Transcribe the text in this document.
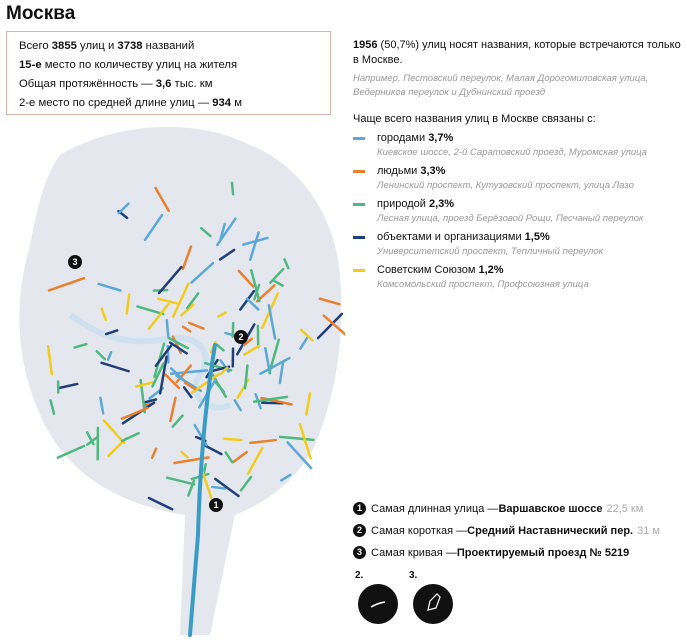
Москва
Всего 3855 улиц и 3738 названий
15-е место по количеству улиц на жителя
Общая протяжённость — 3,6 тыс. км
2-е место по средней длине улиц — 934 м
1
2
3
1956 (50,7%) улиц носят названия, которые встречаются только в Москве.
Например, Пестовский переулок, Малая Дорогомиловская улица, Ведерников переулок и Дубнинский проезд
Чаще всего названия улиц в Москве связаны с:
городами 3,7%
Киевское шоссе, 2-й Саратовский проезд, Муромская улица
людьми 3,3%
Ленинский проспект, Кутузовский проспект, улица Лазо
природой 2,3%
Лесная улица, проезд Берёзовой Рощи, Песчаный переулок
объектами и организациями 1,5%
Университетский проспект, Тепличный переулок
Советским Союзом 1,2%
Комсомольский проспект, Профсоюзная улица
1 Самая длинная улица — Варшавское шоссе 22,5 км
2 Самая короткая — Средний Наставнический пер. 31 м
3 Самая кривая — Проектируемый проезд № 5219
2.	3.
